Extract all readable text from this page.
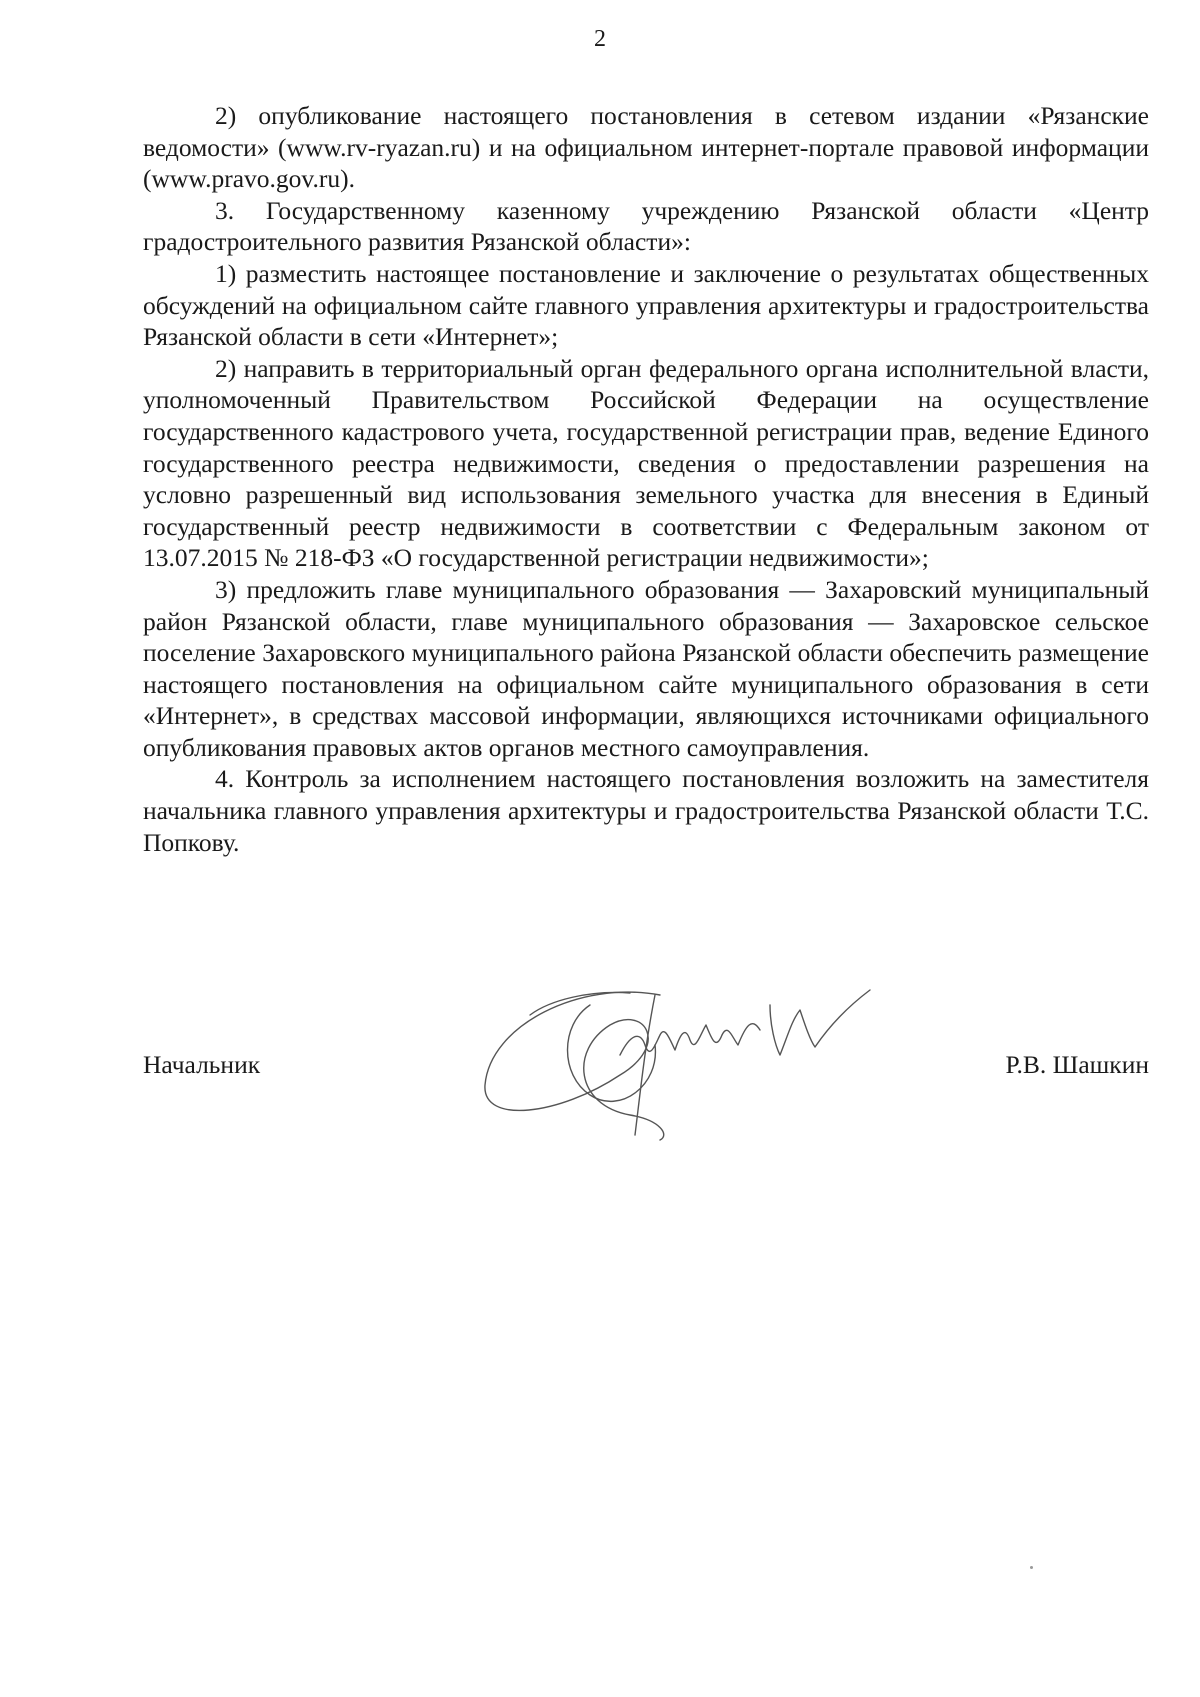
2

2) опубликование настоящего постановления в сетевом издании «Рязанские ведомости» (www.rv-ryazan.ru) и на официальном интернет-портале правовой информации (www.pravo.gov.ru).

3. Государственному казенному учреждению Рязанской области «Центр градостроительного развития Рязанской области»:

1) разместить настоящее постановление и заключение о результатах общественных обсуждений на официальном сайте главного управления архитектуры и градостроительства Рязанской области в сети «Интернет»;

2) направить в территориальный орган федерального органа исполнительной власти, уполномоченный Правительством Российской Федерации на осуществление государственного кадастрового учета, государственной регистрации прав, ведение Единого государственного реестра недвижимости, сведения о предоставлении разрешения на условно разрешенный вид использования земельного участка для внесения в Единый государственный реестр недвижимости в соответствии с Федеральным законом от 13.07.2015 № 218-ФЗ «О государственной регистрации недвижимости»;

3) предложить главе муниципального образования — Захаровский муниципальный район Рязанской области, главе муниципального образования — Захаровское сельское поселение Захаровского муниципального района Рязанской области обеспечить размещение настоящего постановления на официальном сайте муниципального образования в сети «Интернет», в средствах массовой информации, являющихся источниками официального опубликования правовых актов органов местного самоуправления.

4. Контроль за исполнением настоящего постановления возложить на заместителя начальника главного управления архитектуры и градостроительства Рязанской области Т.С. Попкову.

Начальник	Р.В. Шашкин
